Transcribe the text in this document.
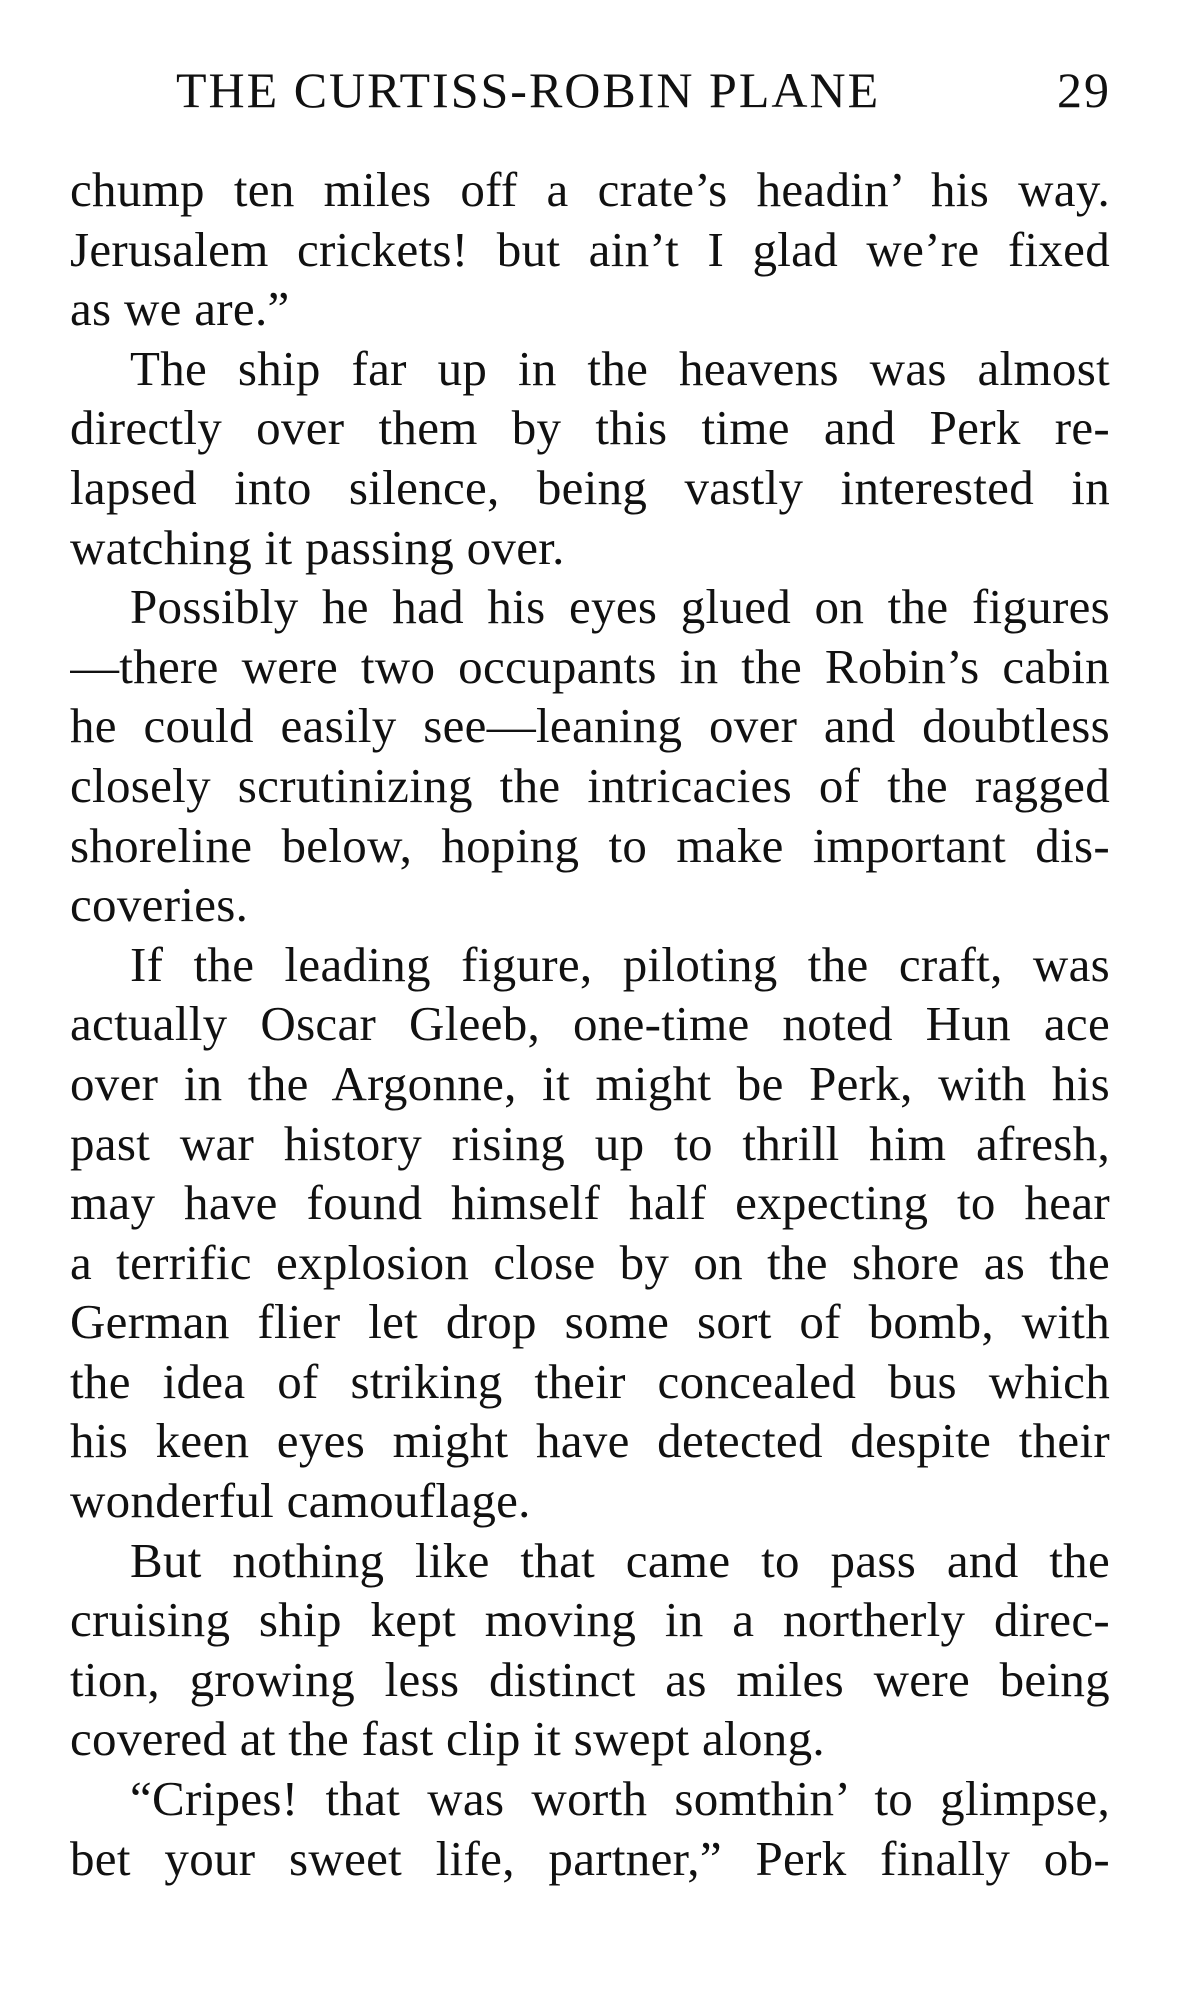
THE CURTISS-ROBIN PLANE	29
chump ten miles off a crate’s headin’ his way.
Jerusalem crickets! but ain’t I glad we’re fixed
as we are.”
The ship far up in the heavens was almost
directly over them by this time and Perk re-
lapsed into silence, being vastly interested in
watching it passing over.
Possibly he had his eyes glued on the figures
—there were two occupants in the Robin’s cabin
he could easily see—leaning over and doubtless
closely scrutinizing the intricacies of the ragged
shoreline below, hoping to make important dis-
coveries.
If the leading figure, piloting the craft, was
actually Oscar Gleeb, one-time noted Hun ace
over in the Argonne, it might be Perk, with his
past war history rising up to thrill him afresh,
may have found himself half expecting to hear
a terrific explosion close by on the shore as the
German flier let drop some sort of bomb, with
the idea of striking their concealed bus which
his keen eyes might have detected despite their
wonderful camouflage.
But nothing like that came to pass and the
cruising ship kept moving in a northerly direc-
tion, growing less distinct as miles were being
covered at the fast clip it swept along.
“Cripes! that was worth somthin’ to glimpse,
bet your sweet life, partner,” Perk finally ob-
